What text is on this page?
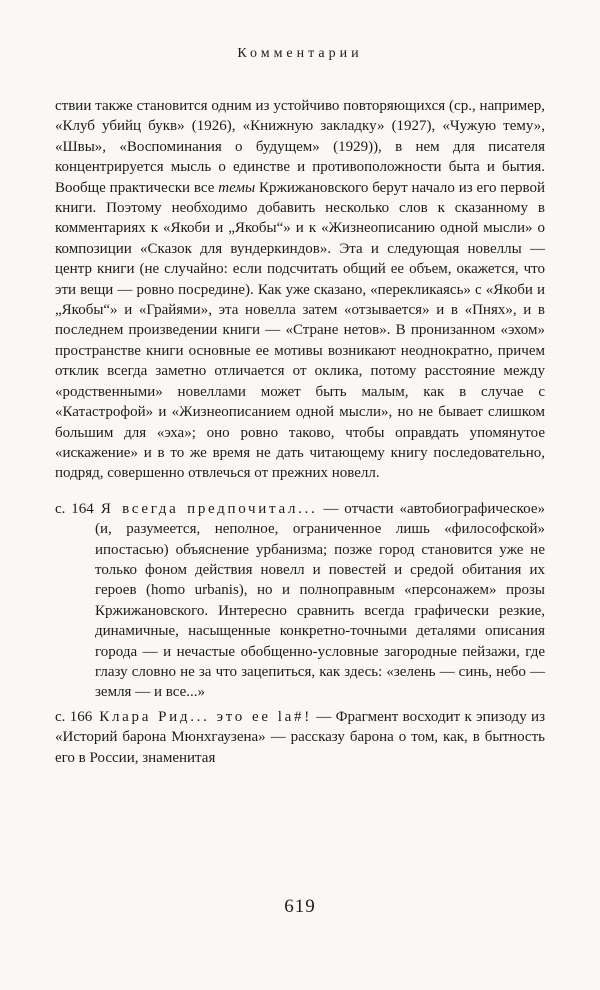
Комментарии

ствии также становится одним из устойчиво повторяющихся (ср., например, «Клуб убийц букв» (1926), «Книжную закладку» (1927), «Чужую тему», «Швы», «Воспоминания о будущем» (1929)), в нем для писателя концентрируется мысль о единстве и противоположности быта и бытия. Вообще практически все темы Кржижановского берут начало из его первой книги. Поэтому необходимо добавить несколько слов к сказанному в комментариях к «Якоби и „Якобы“» и к «Жизнеописанию одной мысли» о композиции «Сказок для вундеркиндов». Эта и следующая новеллы — центр книги (не случайно: если подсчитать общий ее объем, окажется, что эти вещи — ровно посредине). Как уже сказано, «перекликаясь» с «Якоби и „Якобы“» и «Грайями», эта новелла затем «отзывается» и в «Пнях», и в последнем произведении книги — «Стране нетов». В пронизанном «эхом» пространстве книги основные ее мотивы возникают неоднократно, причем отклик всегда заметно отличается от оклика, потому расстояние между «родственными» новеллами может быть малым, как в случае с «Катастрофой» и «Жизнеописанием одной мысли», но не бывает слишком большим для «эха»; оно ровно таково, чтобы оправдать упомянутое «искажение» и в то же время не дать читающему книгу последовательно, подряд, совершенно отвлечься от прежних новелл.

с. 164 Я всегда предпочитал... — отчасти «автобиографическое» (и, разумеется, неполное, ограниченное лишь «философской» ипостасью) объяснение урбанизма; позже город становится уже не только фоном действия новелл и повестей и средой обитания их героев (homo urbanis), но и полноправным «персонажем» прозы Кржижановского. Интересно сравнить всегда графически резкие, динамичные, насыщенные конкретно-точными деталями описания города — и нечастые обобщенно-условные загородные пейзажи, где глазу словно не за что зацепиться, как здесь: «зелень — синь, небо — земля — и все...»

с. 166 Клара Рид... это ее la#! — Фрагмент восходит к эпизоду из «Историй барона Мюнхгаузена» — рассказу барона о том, как, в бытность его в России, знаменитая

619
